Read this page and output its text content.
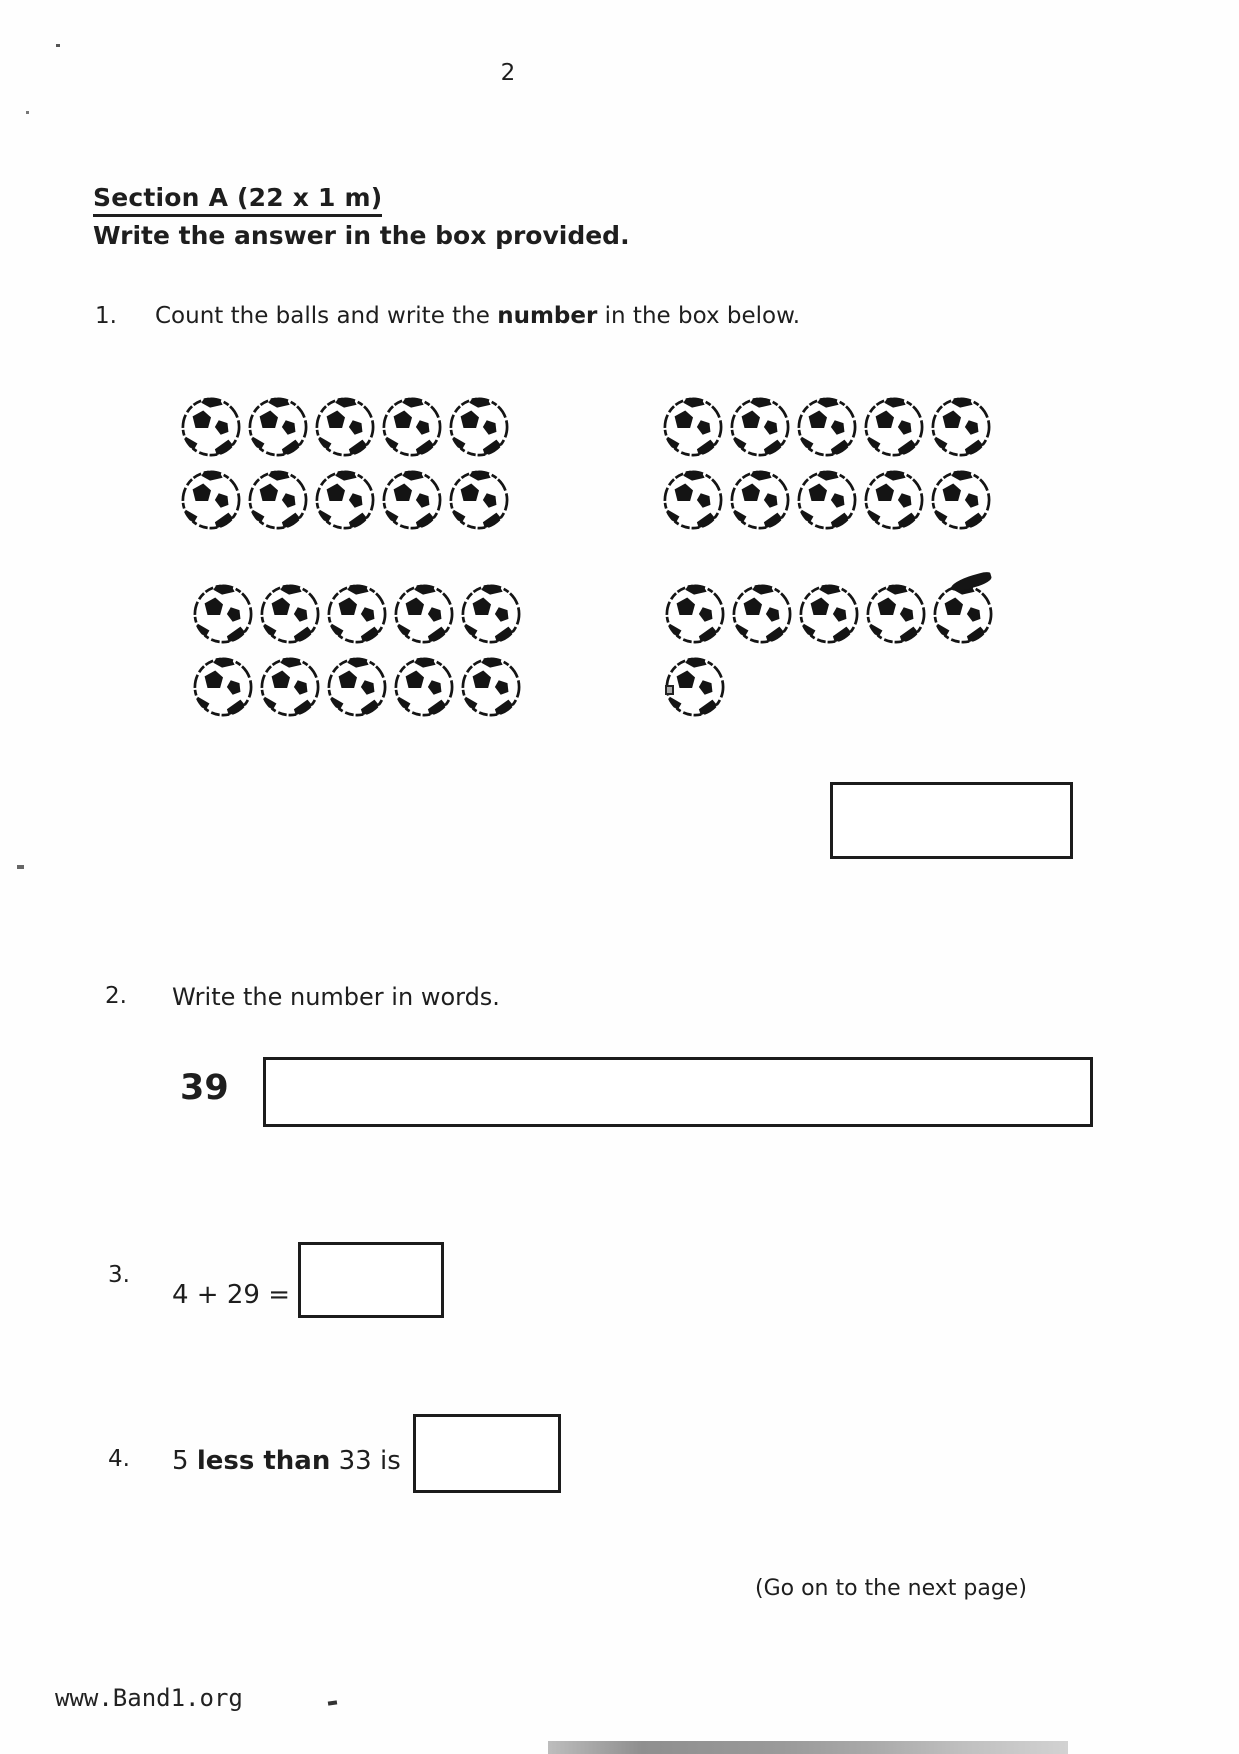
2
Section A (22 x 1 m)
Write the answer in the box provided.
1. Count the balls and write the number in the box below.
2. Write the number in words.
39
3.
4 + 29 =
4. 5 less than 33 is
(Go on to the next page)
www.Band1.org
